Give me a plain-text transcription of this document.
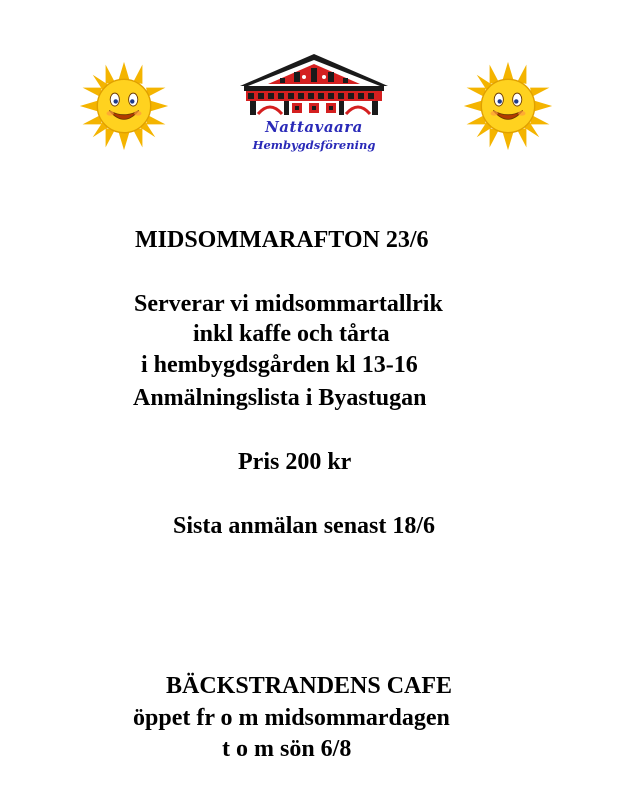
Nattavaara
Hembygdsförening
MIDSOMMARAFTON 23/6
Serverar vi midsommartallrik
inkl kaffe och tårta
i hembygdsgården kl 13-16
Anmälningslista i Byastugan
Pris 200 kr
Sista anmälan senast 18/6
BÄCKSTRANDENS CAFE
öppet fr o m midsommardagen
t o m sön 6/8
